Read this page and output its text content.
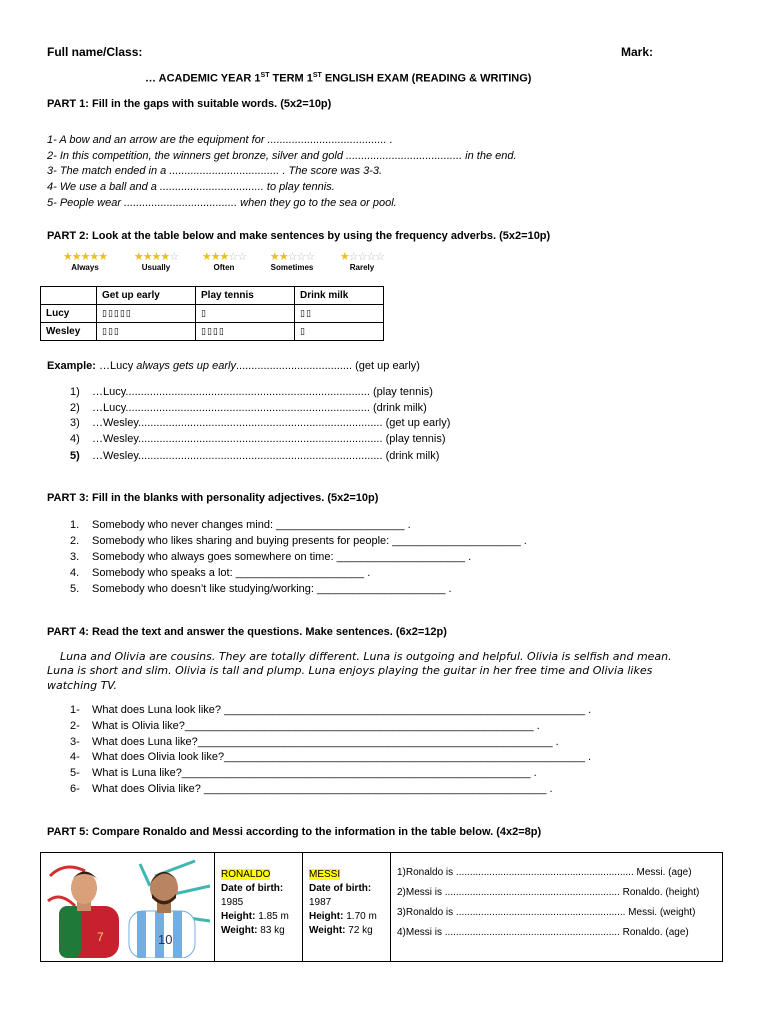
Full name/Class:	Mark:
… ACADEMIC YEAR 1ST TERM 1ST ENGLISH EXAM (READING & WRITING)
PART 1: Fill in the gaps with suitable words. (5x2=10p)
1- A bow and an arrow are the equipment for ....................................... .
2- In this competition, the winners get bronze, silver and gold ...................................... in the end.
3- The match ended in a .................................... . The score was 3-3.
4- We use a ball and a .................................. to play tennis.
5- People wear ..................................... when they go to the sea or pool.
PART 2: Look at the table below and make sentences by using the frequency adverbs. (5x2=10p)
★★★★★
Always
★★★★☆
Usually
★★★☆☆
Often
★★☆☆☆
Sometimes
★☆☆☆☆
Rarely
	Get up early	Play tennis	Drink milk
Lucy	▯▯▯▯▯	▯	▯▯
Wesley	▯▯▯	▯▯▯▯	▯
Example: …Lucy always gets up early...................................... (get up early)
1) …Lucy................................................................................ (play tennis)
2) …Lucy................................................................................ (drink milk)
3) …Wesley................................................................................ (get up early)
4) …Wesley................................................................................ (play tennis)
5) …Wesley................................................................................ (drink milk)
PART 3: Fill in the blanks with personality adjectives. (5x2=10p)
1. Somebody who never changes mind: _____________________ .
2. Somebody who likes sharing and buying presents for people: _____________________ .
3. Somebody who always goes somewhere on time: _____________________ .
4. Somebody who speaks a lot: _____________________ .
5. Somebody who doesn’t like studying/working: _____________________ .
PART 4: Read the text and answer the questions. Make sentences. (6x2=12p)
Luna and Olivia are cousins. They are totally different. Luna is outgoing and helpful. Olivia is selfish and mean.
Luna is short and slim. Olivia is tall and plump. Luna enjoys playing the guitar in her free time and Olivia likes
watching TV.
1- What does Luna look like? ___________________________________________________________ .
2- What is Olivia like?_________________________________________________________ .
3- What does Luna like?__________________________________________________________ .
4- What does Olivia look like?___________________________________________________________ .
5- What is Luna like?_________________________________________________________ .
6- What does Olivia like? ________________________________________________________ .
PART 5: Compare Ronaldo and Messi according to the information in the table below. (4x2=8p)
7	10
RONALDO
Date of birth:
1985
Height: 1.85 m
Weight: 83 kg
MESSI
Date of birth:
1987
Height: 1.70 m
Weight: 72 kg
1)Ronaldo is ................................................................ Messi. (age)
2)Messi is ............................................................... Ronaldo. (height)
3)Ronaldo is ............................................................. Messi. (weight)
4)Messi is ............................................................... Ronaldo. (age)
